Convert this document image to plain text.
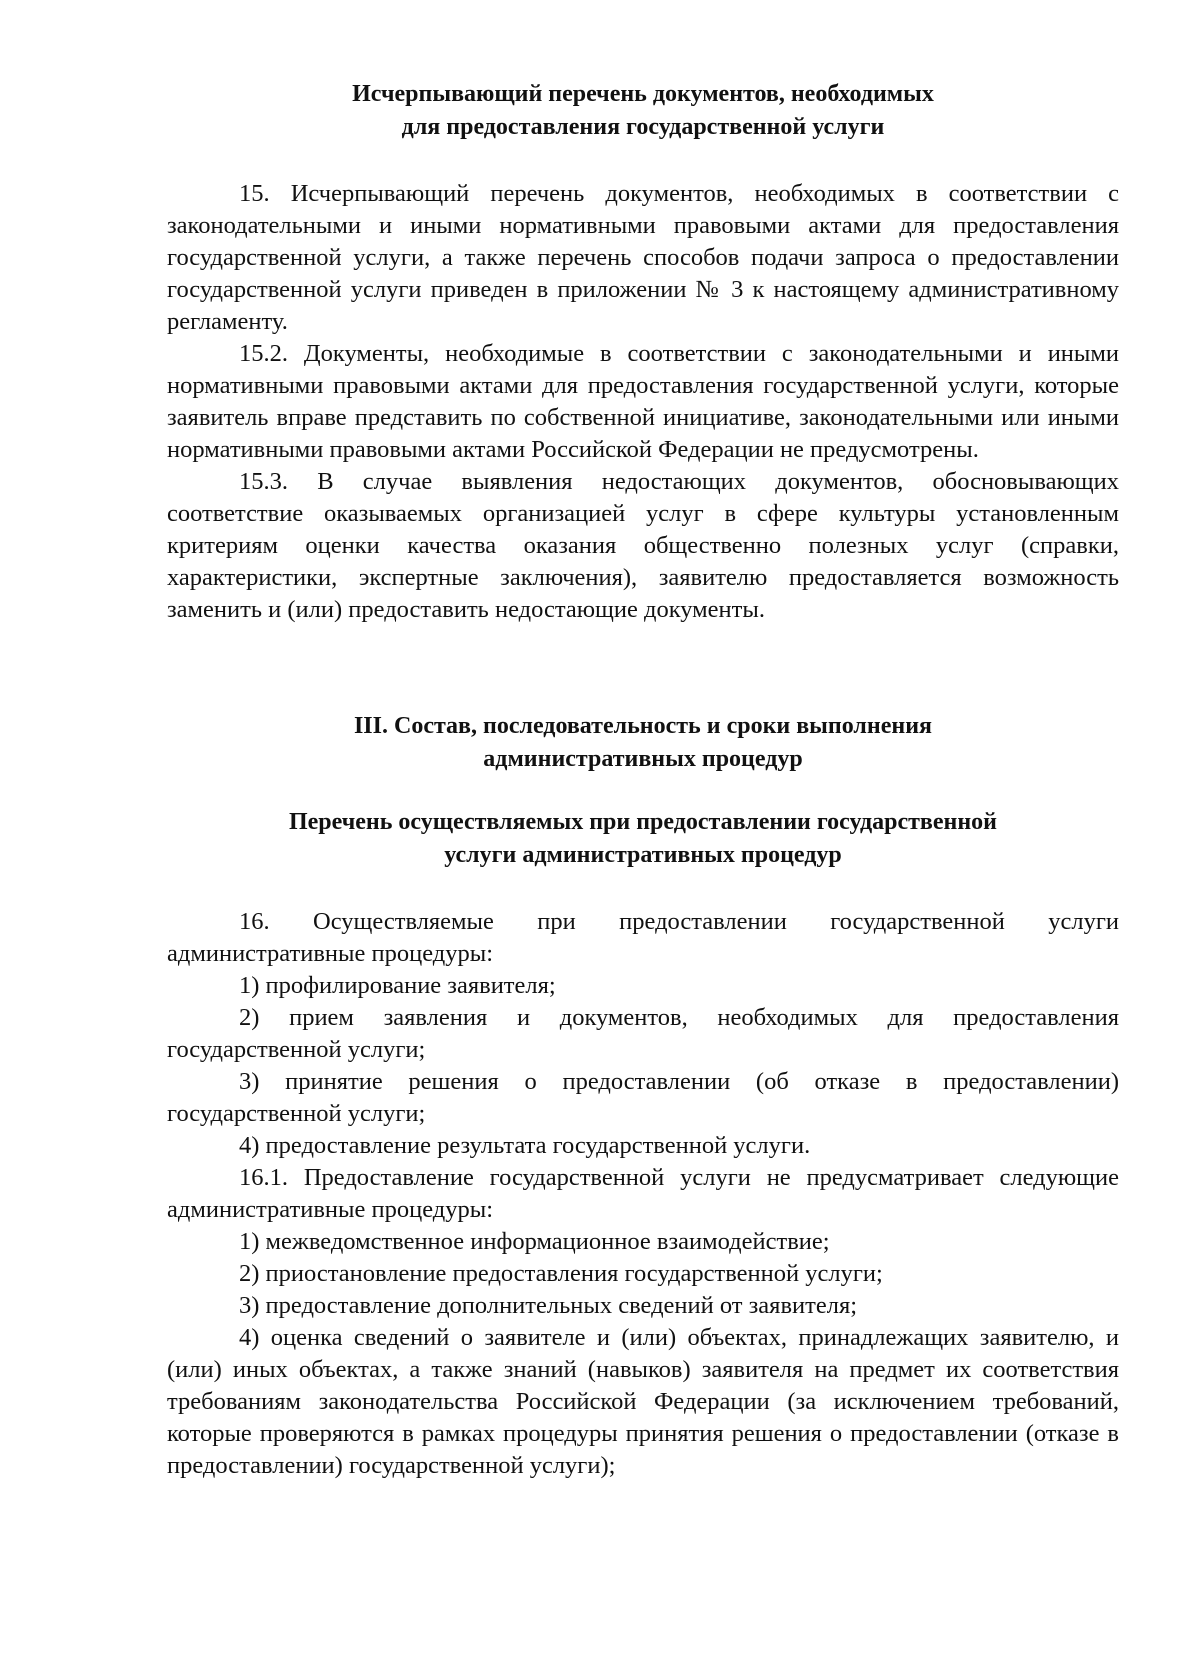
Исчерпывающий перечень документов, необходимых

для предоставления государственной услуги

15. Исчерпывающий перечень документов, необходимых в соответствии с законодательными и иными нормативными правовыми актами для предоставления государственной услуги, а также перечень способов подачи запроса о предоставлении государственной услуги приведен в приложении № 3 к настоящему административному регламенту.

15.2. Документы, необходимые в соответствии с законодательными и иными нормативными правовыми актами для предоставления государственной услуги, которые заявитель вправе представить по собственной инициативе, законодательными или иными нормативными правовыми актами Российской Федерации не предусмотрены.

15.3. В случае выявления недостающих документов, обосновывающих соответствие оказываемых организацией услуг в сфере культуры установленным критериям оценки качества оказания общественно полезных услуг (справки, характеристики, экспертные заключения), заявителю предоставляется возможность заменить и (или) предоставить недостающие документы.

III. Состав, последовательность и сроки выполнения

административных процедур

Перечень осуществляемых при предоставлении государственной

услуги административных процедур

16. Осуществляемые при предоставлении государственной услуги административные процедуры:

1) профилирование заявителя;

2) прием заявления и документов, необходимых для предоставления государственной услуги;

3) принятие решения о предоставлении (об отказе в предоставлении) государственной услуги;

4) предоставление результата государственной услуги.

16.1. Предоставление государственной услуги не предусматривает следующие административные процедуры:

1) межведомственное информационное взаимодействие;

2) приостановление предоставления государственной услуги;

3) предоставление дополнительных сведений от заявителя;

4) оценка сведений о заявителе и (или) объектах, принадлежащих заявителю, и (или) иных объектах, а также знаний (навыков) заявителя на предмет их соответствия требованиям законодательства Российской Федерации (за исключением требований, которые проверяются в рамках процедуры принятия решения о предоставлении (отказе в предоставлении) государственной услуги);
